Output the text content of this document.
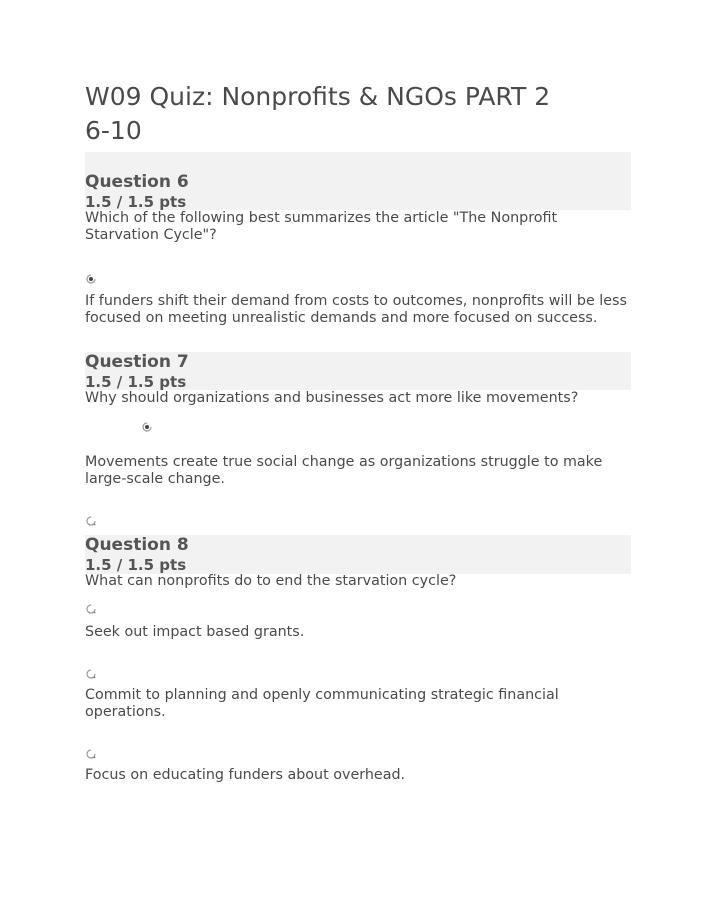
W09 Quiz: Nonprofits & NGOs PART 2
6-10
Question 6
1.5 / 1.5 pts
Which of the following best summarizes the article "The Nonprofit Starvation Cycle"?
If funders shift their demand from costs to outcomes, nonprofits will be less focused on meeting unrealistic demands and more focused on success.
Question 7
1.5 / 1.5 pts
Why should organizations and businesses act more like movements?
Movements create true social change as organizations struggle to make large-scale change.
Question 8
1.5 / 1.5 pts
What can nonprofits do to end the starvation cycle?
Seek out impact based grants.
Commit to planning and openly communicating strategic financial operations.
Focus on educating funders about overhead.
